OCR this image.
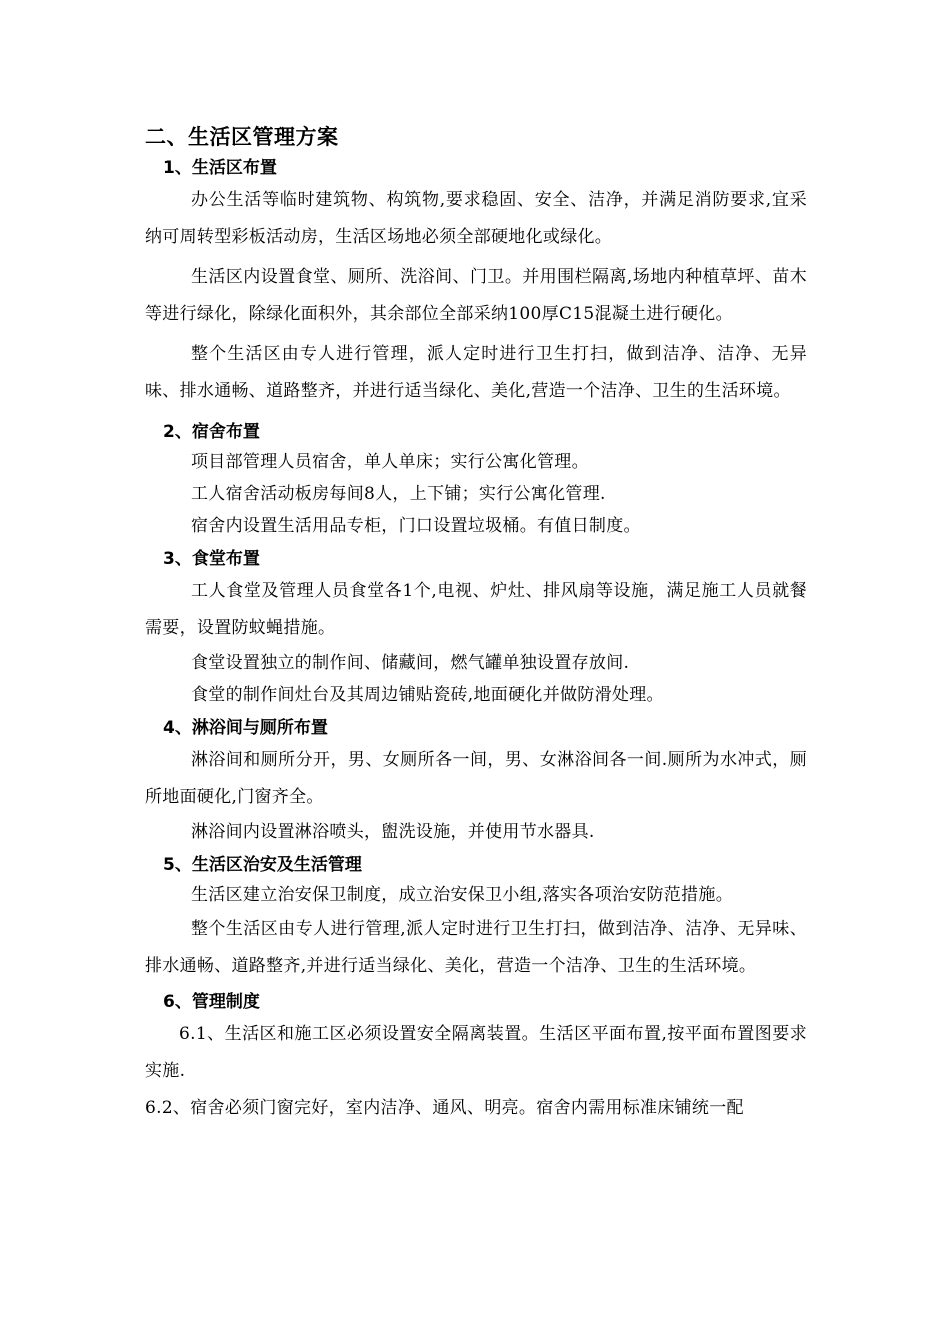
二、生活区管理方案
1、生活区布置

办公生活等临时建筑物、构筑物,要求稳固、安全、洁净，并满足消防要求,宜采纳可周转型彩板活动房，生活区场地必须全部硬地化或绿化。

生活区内设置食堂、厕所、洗浴间、门卫。并用围栏隔离,场地内种植草坪、苗木等进行绿化，除绿化面积外，其余部位全部采纳100厚C15混凝土进行硬化。

整个生活区由专人进行管理，派人定时进行卫生打扫，做到洁净、洁净、无异味、排水通畅、道路整齐，并进行适当绿化、美化,营造一个洁净、卫生的生活环境。

2、宿舍布置

项目部管理人员宿舍，单人单床；实行公寓化管理。

工人宿舍活动板房每间8人，上下铺；实行公寓化管理.

宿舍内设置生活用品专柜，门口设置垃圾桶。有值日制度。

3、食堂布置

工人食堂及管理人员食堂各1个,电视、炉灶、排风扇等设施，满足施工人员就餐需要，设置防蚊蝇措施。

食堂设置独立的制作间、储藏间，燃气罐单独设置存放间.

食堂的制作间灶台及其周边铺贴瓷砖,地面硬化并做防滑处理。

4、淋浴间与厕所布置

淋浴间和厕所分开，男、女厕所各一间，男、女淋浴间各一间.厕所为水冲式，厕所地面硬化,门窗齐全。

淋浴间内设置淋浴喷头，盥洗设施，并使用节水器具.

5、生活区治安及生活管理

生活区建立治安保卫制度，成立治安保卫小组,落实各项治安防范措施。

整个生活区由专人进行管理,派人定时进行卫生打扫，做到洁净、洁净、无异味、排水通畅、道路整齐,并进行适当绿化、美化，营造一个洁净、卫生的生活环境。

6、管理制度

6.1、生活区和施工区必须设置安全隔离装置。生活区平面布置,按平面布置图要求实施.

6.2、宿舍必须门窗完好，室内洁净、通风、明亮。宿舍内需用标准床铺统一配
